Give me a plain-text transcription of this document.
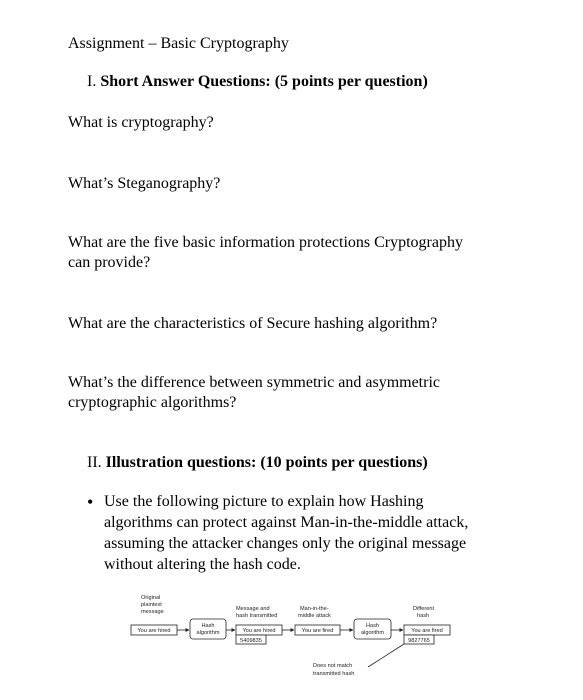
Assignment – Basic Cryptography
I. Short Answer Questions: (5 points per question)
What is cryptography?
What’s Steganography?
What are the five basic information protections Cryptography
can provide?
What are the characteristics of Secure hashing algorithm?
What’s the difference between symmetric and asymmetric
cryptographic algorithms?
II. Illustration questions: (10 points per questions)
• Use the following picture to explain how Hashing
algorithms can protect against Man-in-the-middle attack,
assuming the attacker changes only the original message
without altering the hash code.
Original
plaintext
message
You are hired
Hash
algorithm
Message and
hash transmitted
You are hired
5409835
Man-in-the-
middle attack
You are fired
Hash
algorithm
Different
hash
You are fired
9827765
Does not match
transmitted hash
